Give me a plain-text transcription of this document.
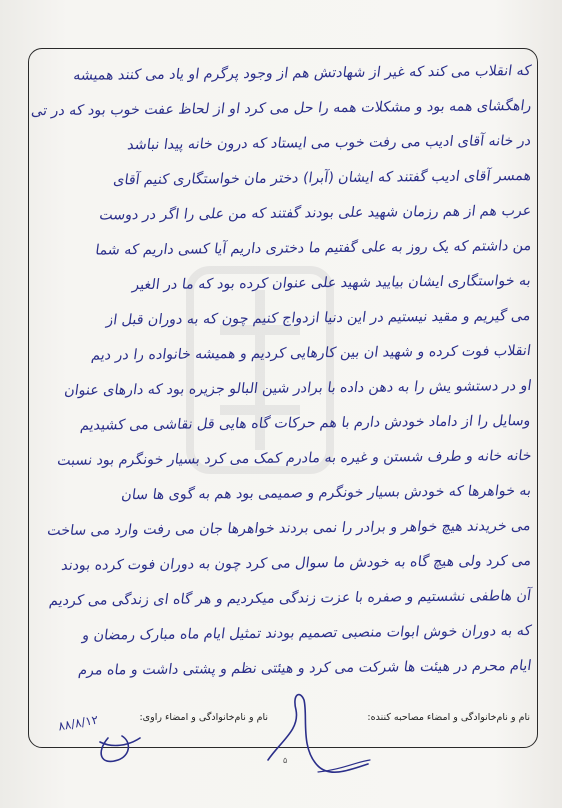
که انقلاب می کند که غیر از شهادتش هم از وجود پرگرم او یاد می کنند همیشه
راهگشای همه بود و مشکلات همه را حل می کرد او از لحاظ عفت خوب بود که در تی
در خانه آقای ادیب می رفت خوب می ایستاد که درون خانه پیدا نباشد
همسر آقای ادیب گفتند که ایشان (آبرا) دختر مان خواستگاری کنیم آقای
عرب هم از هم رزمان شهید علی بودند گفتند که من علی را اگر در دوست
من داشتم که یک روز به علی گفتیم ما دختری داریم آیا کسی داریم که شما
به خواستگاری ایشان بیایید شهید علی عنوان کرده بود که ما در الغیر
می گیریم و مقید نیستیم در این دنیا ازدواج کنیم چون که به دوران قبل از
انقلاب فوت کرده و شهید ان بین کارهایی کردیم و همیشه خانواده را در دیم
او در دستشو یش را به دهن داده با برادر شین البالو جزیره بود که دارهای عنوان
وسایل را از داماد خودش دارم با هم حرکات گاه هایی قل نقاشی می کشیدیم
خانه خانه و طرف شستن و غیره به مادرم کمک می کرد بسیار خونگرم بود نسبت
به خواهرها که خودش بسیار خونگرم و صمیمی بود هم به گوی ها سان
می خریدند هیچ خواهر و برادر را نمی بردند خواهرها جان می رفت وارد می ساخت
می کرد ولی هیچ گاه به خودش ما سوال می کرد چون به دوران فوت کرده بودند
آن هاطفی نشستیم و صفره با عزت زندگی میکردیم و هر گاه ای زندگی می کردیم
که به دوران خوش ابوات منصبی تصمیم بودند تمثیل ایام ماه مبارک رمضان و
ایام محرم در هیئت ها شرکت می کرد و هیئتی نظم و پشتی داشت و ماه مرم
نام و نام‌خانوادگی و امضاء مصاحبه کننده:
نام و نام‌خانوادگی و امضاء راوی:
۸۸/۸/۱۲
۵
